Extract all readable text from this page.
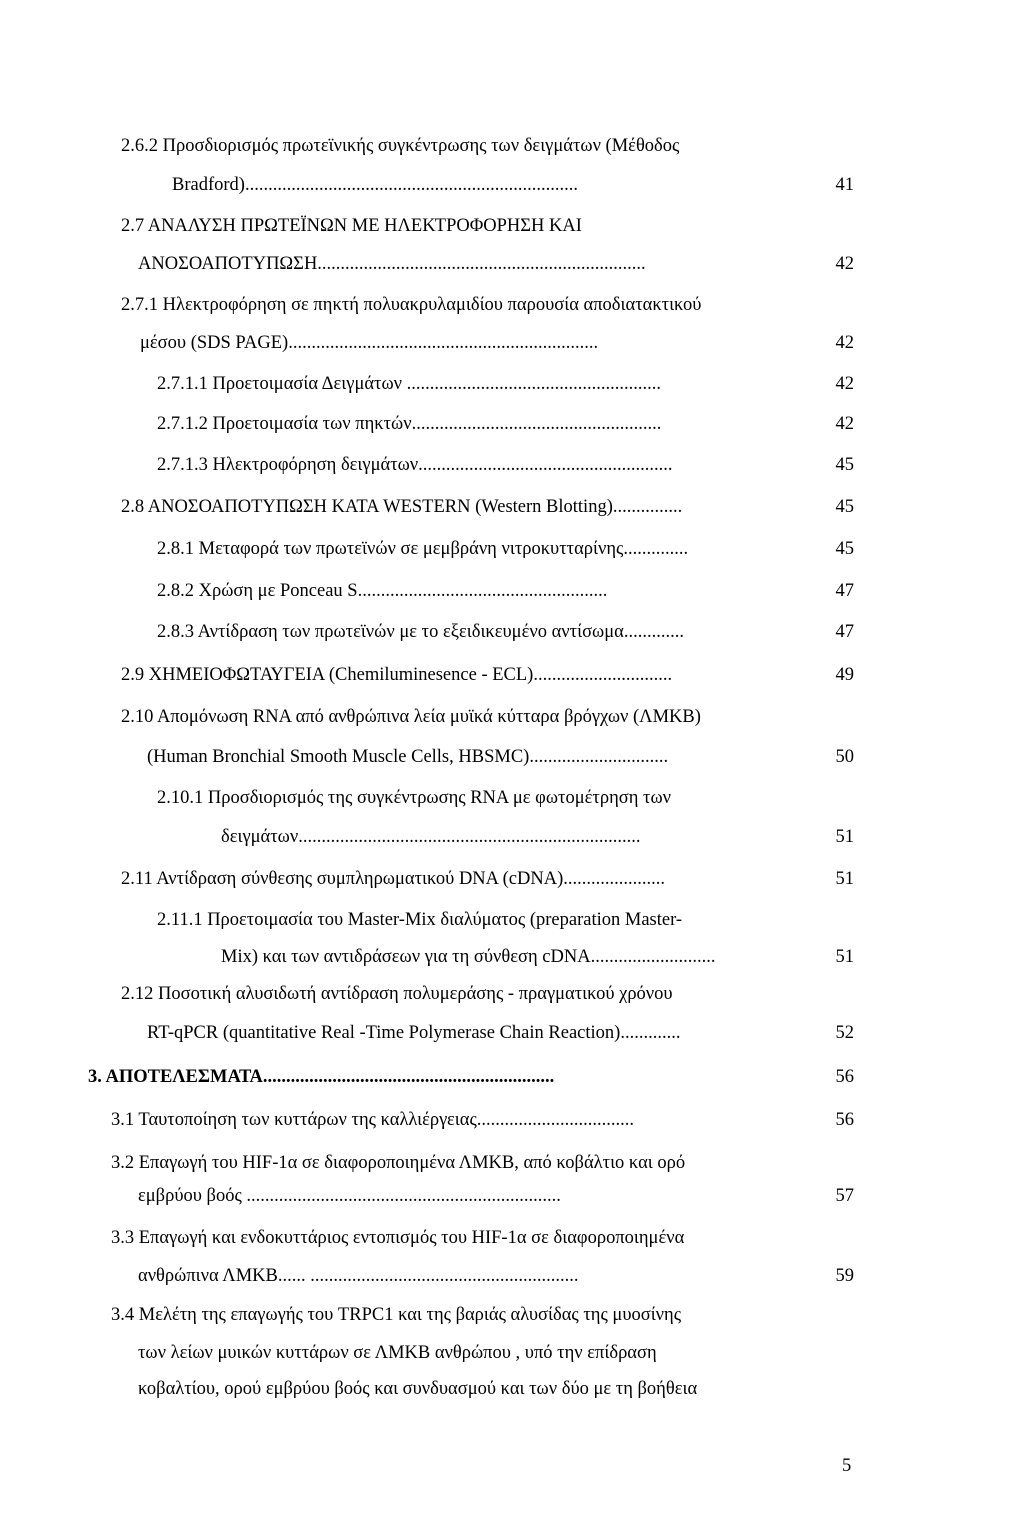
2.6.2 Προσδιορισμός πρωτεϊνικής συγκέντρωσης των δειγμάτων (Μέθοδος
Bradford)........................................................................	41
2.7 ΑΝΑΛΥΣΗ ΠΡΩΤΕΪΝΩΝ ΜΕ ΗΛΕΚΤΡΟΦΟΡΗΣΗ ΚΑΙ
ΑΝΟΣΟΑΠΟΤΥΠΩΣΗ.......................................................................	42
2.7.1 Ηλεκτροφόρηση σε πηκτή πολυακρυλαμιδίου παρουσία αποδιατακτικού
μέσου (SDS PAGE)...................................................................	42
2.7.1.1 Προετοιμασία Δειγμάτων .......................................................	42
2.7.1.2 Προετοιμασία των πηκτών......................................................	42
2.7.1.3 Ηλεκτροφόρηση δειγμάτων.......................................................	45
2.8 ΑΝΟΣΟΑΠΟΤΥΠΩΣΗ ΚΑΤΑ WESTERN (Western Blotting)...............	45
2.8.1 Μεταφορά των πρωτεϊνών σε μεμβράνη νιτροκυτταρίνης..............	45
2.8.2 Χρώση με Ponceau S......................................................	47
2.8.3 Αντίδραση των πρωτεϊνών με το εξειδικευμένο αντίσωμα.............	47
2.9 ΧΗΜΕΙΟΦΩΤΑΥΓΕΙΑ (Chemiluminesence - ECL)..............................	49
2.10 Απομόνωση RNA από ανθρώπινα λεία μυϊκά κύτταρα βρόγχων (ΛΜΚΒ)
(Human Bronchial Smooth Muscle Cells, HBSMC)..............................	50
2.10.1 Προσδιορισμός της συγκέντρωσης RNA με φωτομέτρηση των
δειγμάτων..........................................................................	51
2.11 Αντίδραση σύνθεσης συμπληρωματικού DNA (cDNA)......................	51
2.11.1 Προετοιμασία του Master-Mix διαλύματος (preparation Master-
Mix) και των αντιδράσεων για τη σύνθεση cDNA...........................	51
2.12 Ποσοτική αλυσιδωτή αντίδραση πολυμεράσης - πραγματικού χρόνου
RT-qPCR (quantitative Real -Time Polymerase Chain Reaction).............	52
3. ΑΠΟΤΕΛΕΣΜΑΤΑ...............................................................	56
3.1 Ταυτοποίηση των κυττάρων της καλλιέργειας..................................	56
3.2 Επαγωγή του HIF-1α σε διαφοροποιημένα ΛΜΚΒ, από κοβάλτιο και ορό
εμβρύου βοός ....................................................................	57
3.3 Επαγωγή και ενδοκυττάριος εντοπισμός του HIF-1α σε διαφοροποιημένα
ανθρώπινα ΛΜΚΒ...... ..........................................................	59
3.4 Μελέτη της επαγωγής του TRPC1 και της βαριάς αλυσίδας της μυοσίνης
των λείων μυικών κυττάρων σε ΛΜΚΒ ανθρώπου , υπό την επίδραση
κοβαλτίου, ορού εμβρύου βοός και συνδυασμού και των δύο με τη βοήθεια
5
